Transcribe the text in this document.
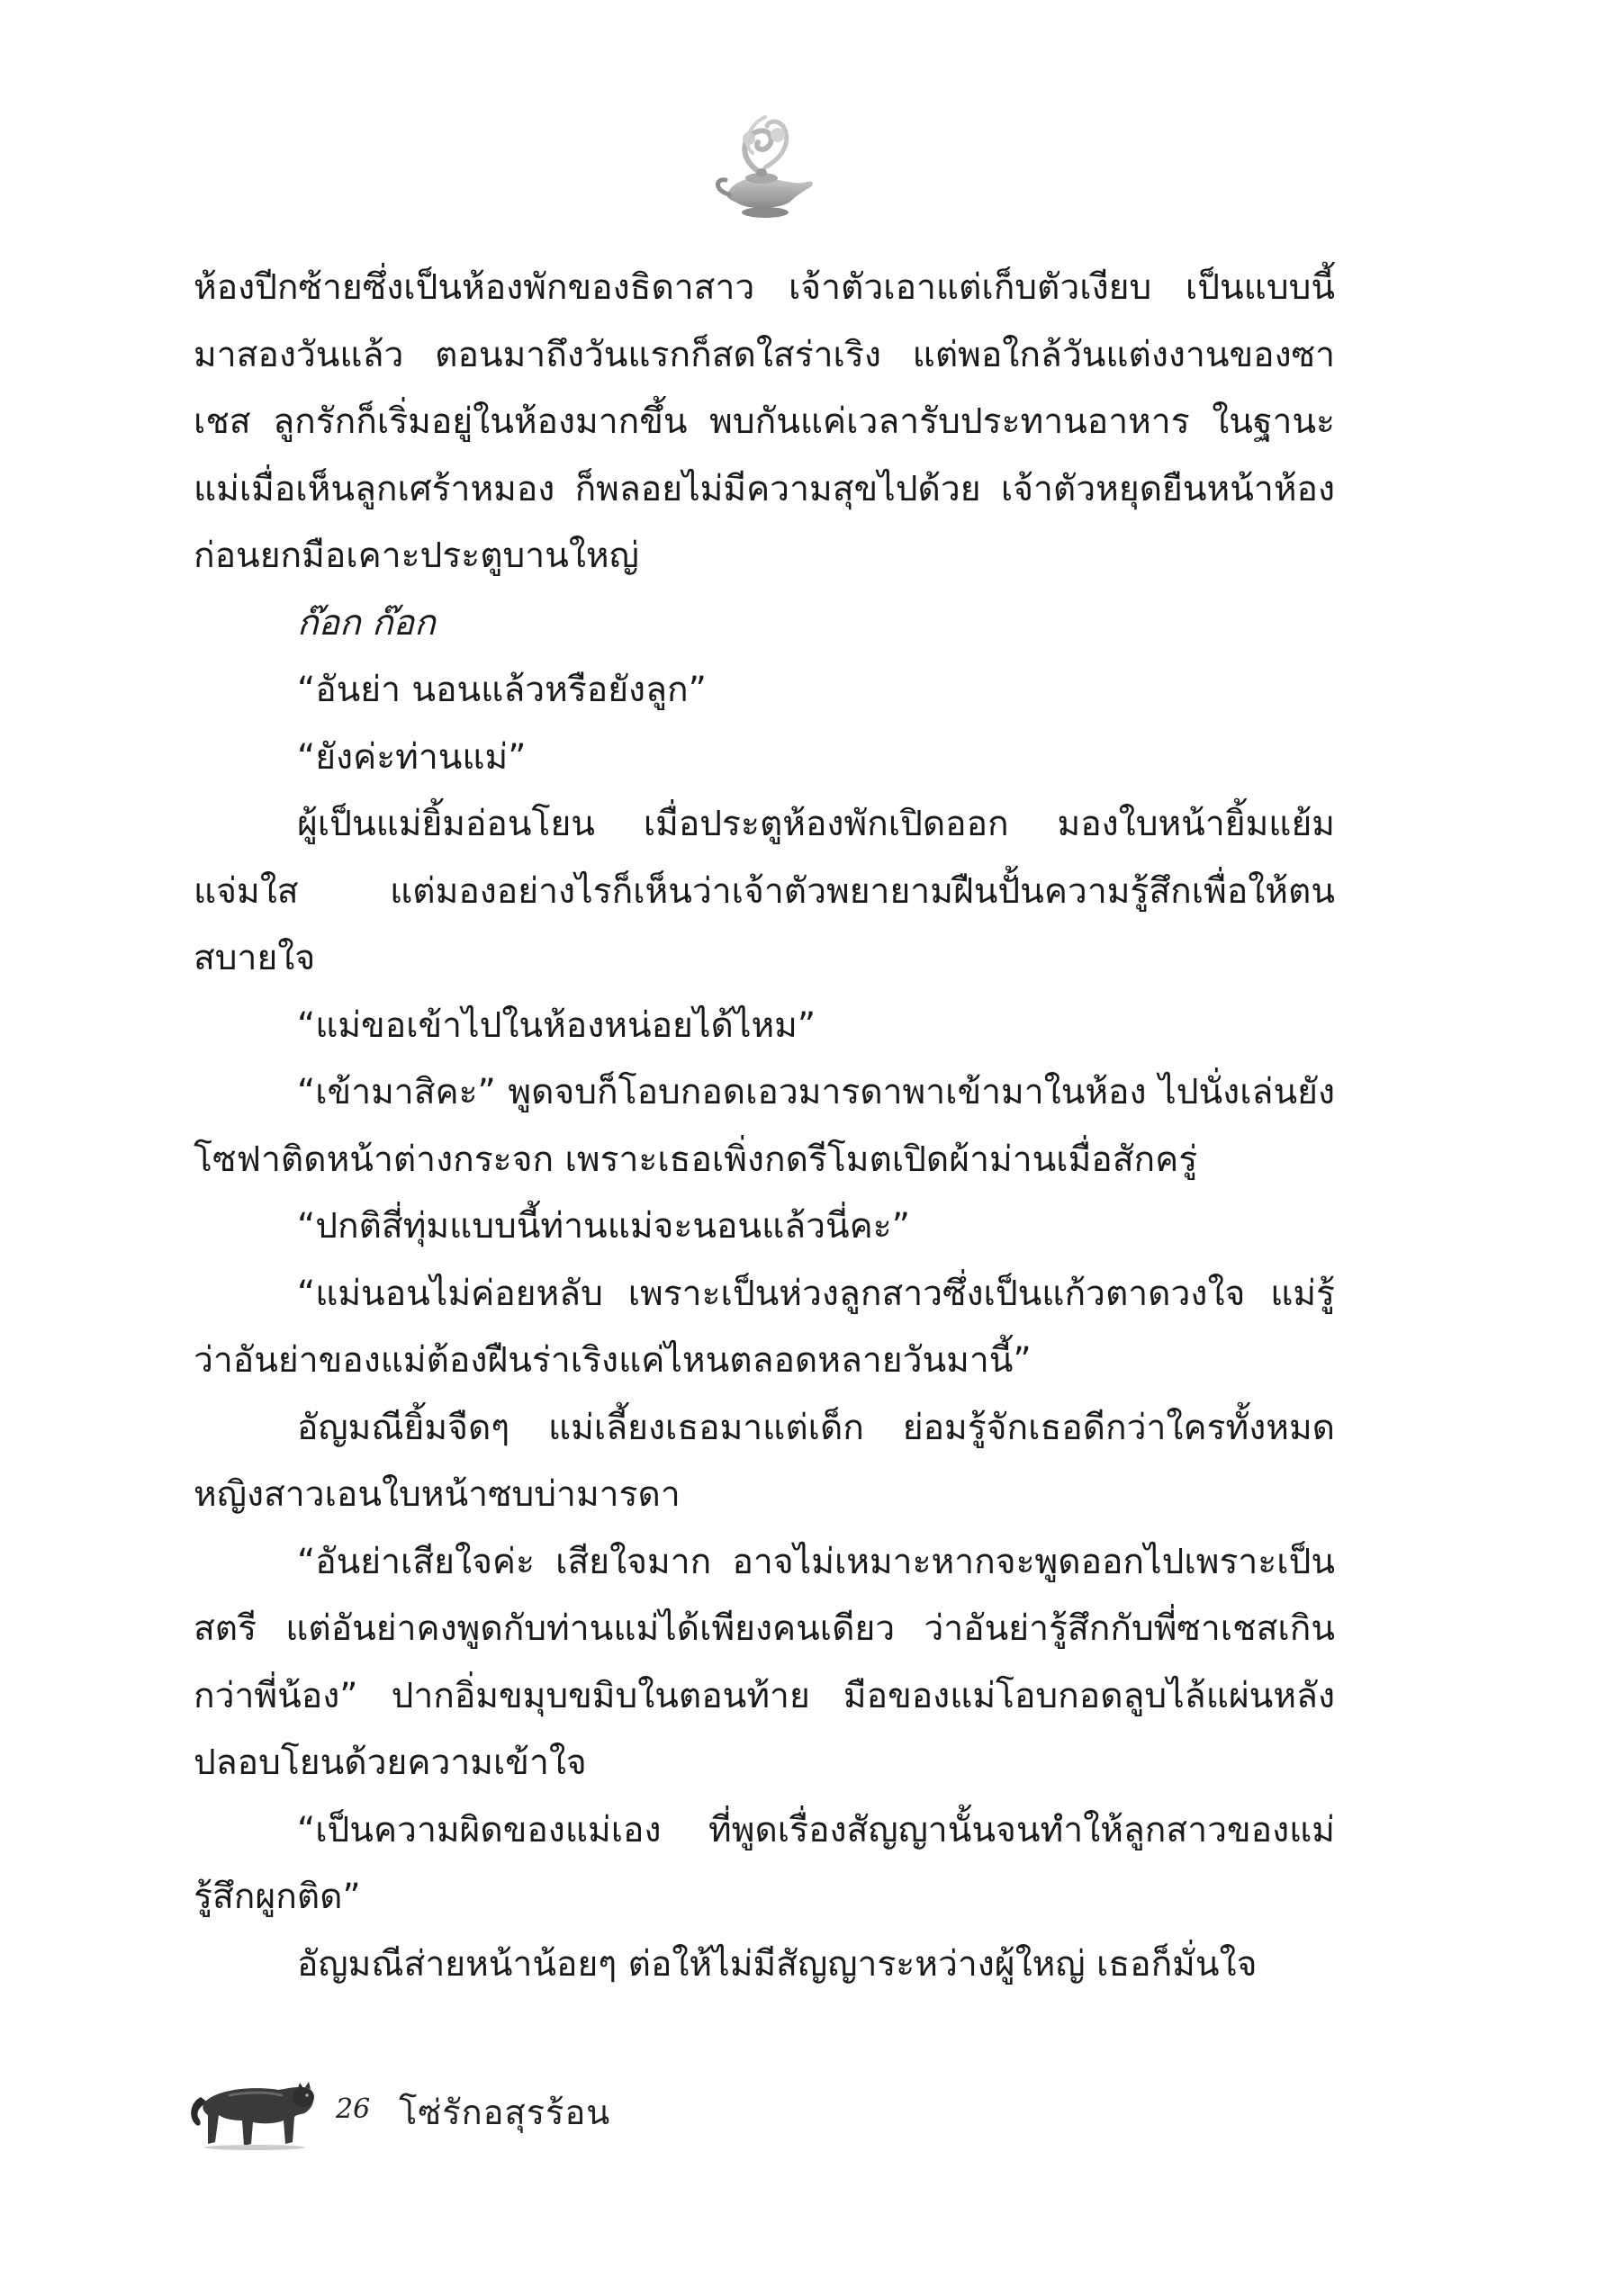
ห้องปีกซ้ายซึ่งเป็นห้องพักของธิดาสาว เจ้าตัวเอาแต่เก็บตัวเงียบ เป็นแบบนี้มาสองวันแล้ว ตอนมาถึงวันแรกก็สดใสร่าเริง แต่พอใกล้วันแต่งงานของซาเชส ลูกรักก็เริ่มอยู่ในห้องมากขึ้น พบกันแค่เวลารับประทานอาหาร ในฐานะแม่เมื่อเห็นลูกเศร้าหมอง ก็พลอยไม่มีความสุขไปด้วย เจ้าตัวหยุดยืนหน้าห้องก่อนยกมือเคาะประตูบานใหญ่

ก๊อก ก๊อก

“อันย่า นอนแล้วหรือยังลูก”

“ยังค่ะท่านแม่”

ผู้เป็นแม่ยิ้มอ่อนโยน เมื่อประตูห้องพักเปิดออก มองใบหน้ายิ้มแย้มแจ่มใส แต่มองอย่างไรก็เห็นว่าเจ้าตัวพยายามฝืนปั้นความรู้สึกเพื่อให้ตนสบายใจ

“แม่ขอเข้าไปในห้องหน่อยได้ไหม”

“เข้ามาสิคะ” พูดจบก็โอบกอดเอวมารดาพาเข้ามาในห้อง ไปนั่งเล่นยังโซฟาติดหน้าต่างกระจก เพราะเธอเพิ่งกดรีโมตเปิดผ้าม่านเมื่อสักครู่

“ปกติสี่ทุ่มแบบนี้ท่านแม่จะนอนแล้วนี่คะ”

“แม่นอนไม่ค่อยหลับ เพราะเป็นห่วงลูกสาวซึ่งเป็นแก้วตาดวงใจ แม่รู้ว่าอันย่าของแม่ต้องฝืนร่าเริงแค่ไหนตลอดหลายวันมานี้”

อัญมณียิ้มจืดๆ แม่เลี้ยงเธอมาแต่เด็ก ย่อมรู้จักเธอดีกว่าใครทั้งหมด หญิงสาวเอนใบหน้าซบบ่ามารดา

“อันย่าเสียใจค่ะ เสียใจมาก อาจไม่เหมาะหากจะพูดออกไปเพราะเป็นสตรี แต่อันย่าคงพูดกับท่านแม่ได้เพียงคนเดียว ว่าอันย่ารู้สึกกับพี่ซาเชสเกินกว่าพี่น้อง” ปากอิ่มขมุบขมิบในตอนท้าย มือของแม่โอบกอดลูบไล้แผ่นหลังปลอบโยนด้วยความเข้าใจ

“เป็นความผิดของแม่เอง ที่พูดเรื่องสัญญานั้นจนทำให้ลูกสาวของแม่รู้สึกผูกติด”

อัญมณีส่ายหน้าน้อยๆ ต่อให้ไม่มีสัญญาระหว่างผู้ใหญ่ เธอก็มั่นใจ

26 โซ่รักอสุรร้อน
